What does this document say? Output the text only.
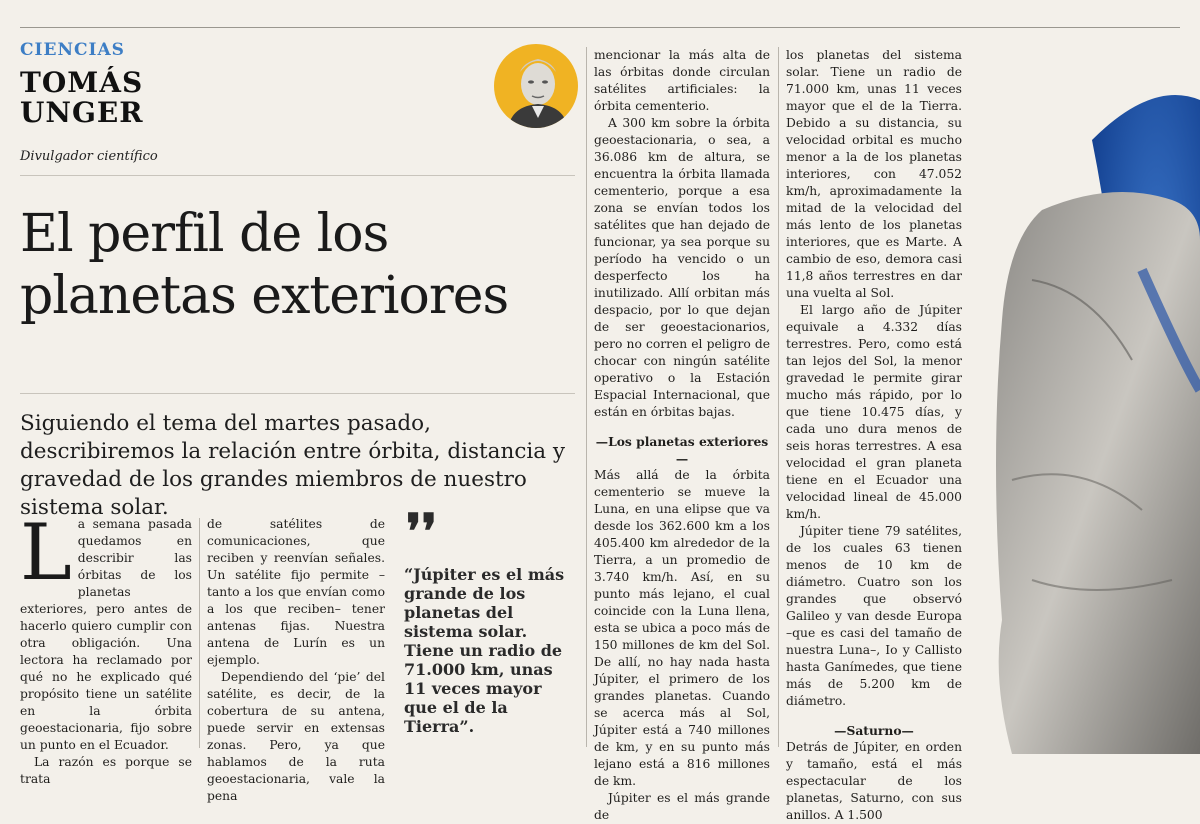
CIENCIAS
TOMÁS
UNGER
Divulgador científico
El perfil de los planetas exteriores
Siguiendo el tema del martes pasado, describiremos la relación entre órbita, distancia y gravedad de los grandes miembros de nuestro sistema solar.
L a semana pasada quedamos en describir las órbitas de los planetas exteriores, pero antes de hacerlo quiero cumplir con otra obligación. Una lectora ha reclamado por qué no he explicado qué propósito tiene un satélite en la órbita geoestacionaria, fijo sobre un punto en el Ecuador.

La razón es porque se trata

de satélites de comunicaciones, que reciben y reenvían señales. Un satélite fijo permite –tanto a los que envían como a los que reciben– tener antenas fijas. Nuestra antena de Lurín es un ejemplo.

Dependiendo del ‘pie’ del satélite, es decir, de la cobertura de su antena, puede servir en extensas zonas. Pero, ya que hablamos de la ruta geoestacionaria, vale la pena

❜❜
“Júpiter es el más grande de los planetas del sistema solar. Tiene un radio de 71.000 km, unas 11 veces mayor que el de la Tierra”.

mencionar la más alta de las órbitas donde circulan satélites artificiales: la órbita cementerio.

A 300 km sobre la órbita geoestacionaria, o sea, a 36.086 km de altura, se encuentra la órbita llamada cementerio, porque a esa zona se envían todos los satélites que han dejado de funcionar, ya sea porque su período ha vencido o un desperfecto los ha inutilizado. Allí orbitan más despacio, por lo que dejan de ser geoestacionarios, pero no corren el peligro de chocar con ningún satélite operativo o la Estación Espacial Internacional, que están en órbitas bajas.

—Los planetas exteriores—

Más allá de la órbita cementerio se mueve la Luna, en una elipse que va desde los 362.600 km a los 405.400 km alrededor de la Tierra, a un promedio de 3.740 km/h. Así, en su punto más lejano, el cual coincide con la Luna llena, esta se ubica a poco más de 150 millones de km del Sol. De allí, no hay nada hasta Júpiter, el primero de los grandes planetas. Cuando se acerca más al Sol, Júpiter está a 740 millones de km, y en su punto más lejano está a 816 millones de km.

Júpiter es el más grande de

los planetas del sistema solar. Tiene un radio de 71.000 km, unas 11 veces mayor que el de la Tierra. Debido a su distancia, su velocidad orbital es mucho menor a la de los planetas interiores, con 47.052 km/h, aproximadamente la mitad de la velocidad del más lento de los planetas interiores, que es Marte. A cambio de eso, demora casi 11,8 años terrestres en dar una vuelta al Sol.

El largo año de Júpiter equivale a 4.332 días terrestres. Pero, como está tan lejos del Sol, la menor gravedad le permite girar mucho más rápido, por lo que tiene 10.475 días, y cada uno dura menos de seis horas terrestres. A esa velocidad el gran planeta tiene en el Ecuador una velocidad lineal de 45.000 km/h.

Júpiter tiene 79 satélites, de los cuales 63 tienen menos de 10 km de diámetro. Cuatro son los grandes que observó Galileo y van desde Europa –que es casi del tamaño de nuestra Luna–, Io y Callisto hasta Ganímedes, que tiene más de 5.200 km de diámetro.

—Saturno—

Detrás de Júpiter, en orden y tamaño, está el más espectacular de los planetas, Saturno, con sus anillos. A 1.500
